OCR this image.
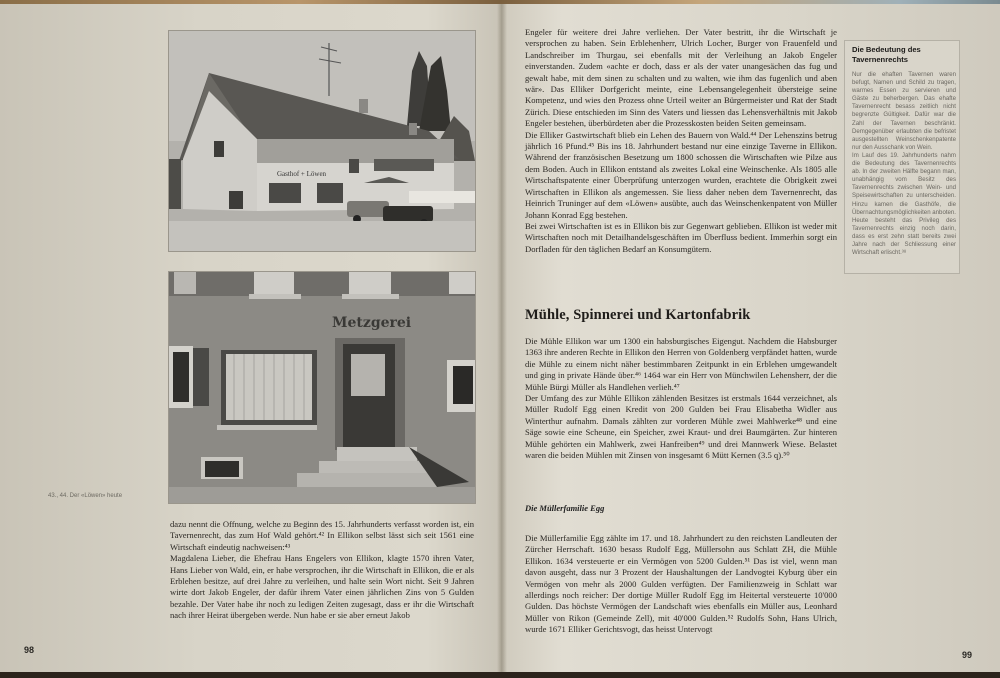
Gasthof + Löwen
Metzgerei
43., 44. Der «Löwen» heute

dazu nennt die Offnung, welche zu Beginn des 15. Jahrhunderts verfasst worden ist, ein Tavernenrecht, das zum Hof Wald gehört.⁴² In Ellikon selbst lässt sich seit 1561 eine Wirtschaft eindeutig nachweisen:⁴³

Magdalena Lieber, die Ehefrau Hans Engelers von Ellikon, klagte 1570 ihren Vater, Hans Lieber von Wald, ein, er habe versprochen, ihr die Wirtschaft in Ellikon, die er als Erblehen besitze, auf drei Jahre zu verleihen, und halte sein Wort nicht. Seit 9 Jahren wirte dort Jakob Engeler, der dafür ihrem Vater einen jährlichen Zins von 5 Gulden bezahle. Der Vater habe ihr noch zu ledigen Zeiten zugesagt, dass er ihr die Wirtschaft nach ihrer Heirat übergeben werde. Nun habe er sie aber erneut Jakob

Engeler für weitere drei Jahre verliehen. Der Vater bestritt, ihr die Wirtschaft je versprochen zu haben. Sein Erblehenherr, Ulrich Locher, Burger von Frauenfeld und Landschreiber im Thurgau, sei ebenfalls mit der Verleihung an Jakob Engeler einverstanden. Zudem «achte er doch, dass er als der vater unangesächen das fug und gewalt habe, mit dem sinen zu schalten und zu walten, wie ihm das fugenlich und aben wär». Das Elliker Dorfgericht meinte, eine Lebensangelegenheit übersteige seine Kompetenz, und wies den Prozess ohne Urteil weiter an Bürgermeister und Rat der Stadt Zürich. Diese entschieden im Sinn des Vaters und liessen das Lehensverhältnis mit Jakob Engeler bestehen, überbürdeten aber die Prozesskosten beiden Seiten gemeinsam.

Die Elliker Gastwirtschaft blieb ein Lehen des Bauern von Wald.⁴⁴ Der Lehenszins betrug jährlich 16 Pfund.⁴⁵ Bis ins 18. Jahrhundert bestand nur eine einzige Taverne in Ellikon. Während der französischen Besetzung um 1800 schossen die Wirtschaften wie Pilze aus dem Boden. Auch in Ellikon entstand als zweites Lokal eine Weinschenke. Als 1805 alle Wirtschaftspatente einer Überprüfung unterzogen wurden, erachtete die Obrigkeit zwei Wirtschaften in Ellikon als angemessen. Sie liess daher neben dem Tavernenrecht, das Heinrich Truninger auf dem «Löwen» ausübte, auch das Weinschenkenpatent von Müller Johann Konrad Egg bestehen.

Bei zwei Wirtschaften ist es in Ellikon bis zur Gegenwart geblieben. Ellikon ist weder mit Wirtschaften noch mit Detailhandelsgeschäften im Überfluss bedient. Immerhin sorgt ein Dorfladen für den täglichen Bedarf an Konsumgütern.

Mühle, Spinnerei und Kartonfabrik

Die Mühle Ellikon war um 1300 ein habsburgisches Eigengut. Nachdem die Habsburger 1363 ihre anderen Rechte in Ellikon den Herren von Goldenberg verpfändet hatten, wurde die Mühle zu einem nicht näher bestimmbaren Zeitpunkt in ein Erblehen umgewandelt und ging in private Hände über.⁴⁶ 1464 war ein Herr von Münchwilen Lehensherr, der die Mühle Bürgi Müller als Handlehen verlieh.⁴⁷

Der Umfang des zur Mühle Ellikon zählenden Besitzes ist erstmals 1644 verzeichnet, als Müller Rudolf Egg einen Kredit von 200 Gulden bei Frau Elisabetha Widler aus Winterthur aufnahm. Damals zählten zur vorderen Mühle zwei Mahlwerke⁴⁸ und eine Säge sowie eine Scheune, ein Speicher, zwei Kraut- und drei Baumgärten. Zur hinteren Mühle gehörten ein Mahlwerk, zwei Hanfreiben⁴⁹ und drei Mannwerk Wiese. Belastet waren die beiden Mühlen mit Zinsen von insgesamt 6 Mütt Kernen (3.5 q).⁵⁰

Die Müllerfamilie Egg

Die Müllerfamilie Egg zählte im 17. und 18. Jahrhundert zu den reichsten Landleuten der Zürcher Herrschaft. 1630 besass Rudolf Egg, Müllersohn aus Schlatt ZH, die Mühle Ellikon. 1634 versteuerte er ein Vermögen von 5200 Gulden.⁵¹ Das ist viel, wenn man davon ausgeht, dass nur 3 Prozent der Haushaltungen der Landvogtei Kyburg über ein Vermögen von mehr als 2000 Gulden verfügten. Der Familienzweig in Schlatt war allerdings noch reicher: Der dortige Müller Rudolf Egg im Heitertal versteuerte 10'000 Gulden. Das höchste Vermögen der Landschaft wies ebenfalls ein Müller aus, Leonhard Müller von Rikon (Gemeinde Zell), mit 40'000 Gulden.⁵² Rudolfs Sohn, Hans Ulrich, wurde 1671 Elliker Gerichtsvogt, das heisst Untervogt

Die Bedeutung des Tavernenrechts

Nur die ehaften Tavernen waren befugt, Namen und Schild zu tragen, warmes Essen zu servieren und Gäste zu beherbergen. Das ehafte Tavernenrecht besass zeitlich nicht begrenzte Gültigkeit. Dafür war die Zahl der Tavernen beschränkt. Demgegenüber erlaubten die befristet ausgestellten Weinschenkenpatente nur den Ausschank von Wein.

Im Lauf des 19. Jahrhunderts nahm die Bedeutung des Tavernenrechts ab. In der zweiten Hälfte begann man, unabhängig vom Besitz des Tavernenrechts zwischen Wein- und Speisewirtschaften zu unterscheiden. Hinzu kamen die Gasthöfe, die Übernachtungsmöglichkeiten anboten. Heute besteht das Privileg des Tavernenrechts einzig noch darin, dass es erst zehn statt bereits zwei Jahre nach der Schliessung einer Wirtschaft erlischt.³⁸

98	99
